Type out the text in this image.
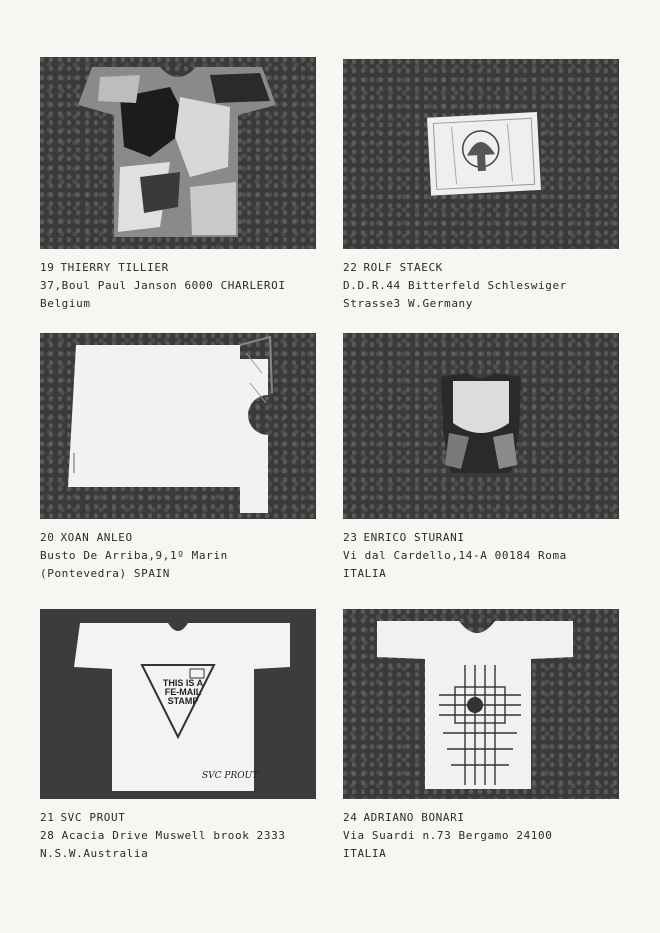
19 THIERRY TILLIER
37,Boul Paul Janson 6000 CHARLEROI
Belgium
22 ROLF STAECK
D.D.R.44 Bitterfeld Schleswiger
Strasse3 W.Germany
20 XOAN ANLEO
Busto De Arriba,9,1º Marin
(Pontevedra) SPAIN
23 ENRICO STURANI
Vi dal Cardello,14-A 00184 Roma
ITALIA
THIS IS A
FE-MAIL
STAMP
SVC PROUT
21 SVC PROUT
28 Acacia Drive Muswell brook 2333
N.S.W.Australia
24 ADRIANO BONARI
Via Suardi n.73 Bergamo 24100
ITALIA
